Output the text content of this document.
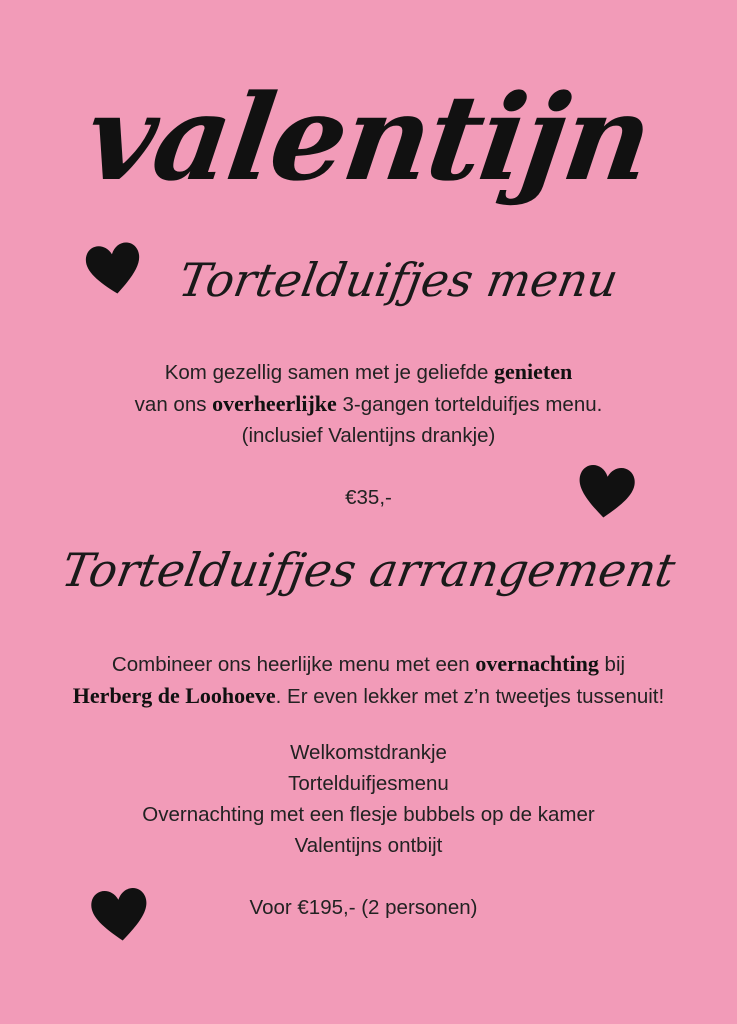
valentijn
Tortelduifjes menu
Kom gezellig samen met je geliefde genieten
van ons overheerlijke 3-gangen tortelduifjes menu.
(inclusief Valentijns drankje)
€35,-
Tortelduifjes arrangement
Combineer ons heerlijke menu met een overnachting bij
Herberg de Loohoeve. Er even lekker met z’n tweetjes tussenuit!
Welkomstdrankje
Tortelduifjesmenu
Overnachting met een flesje bubbels op de kamer
Valentijns ontbijt
Voor €195,- (2 personen)
